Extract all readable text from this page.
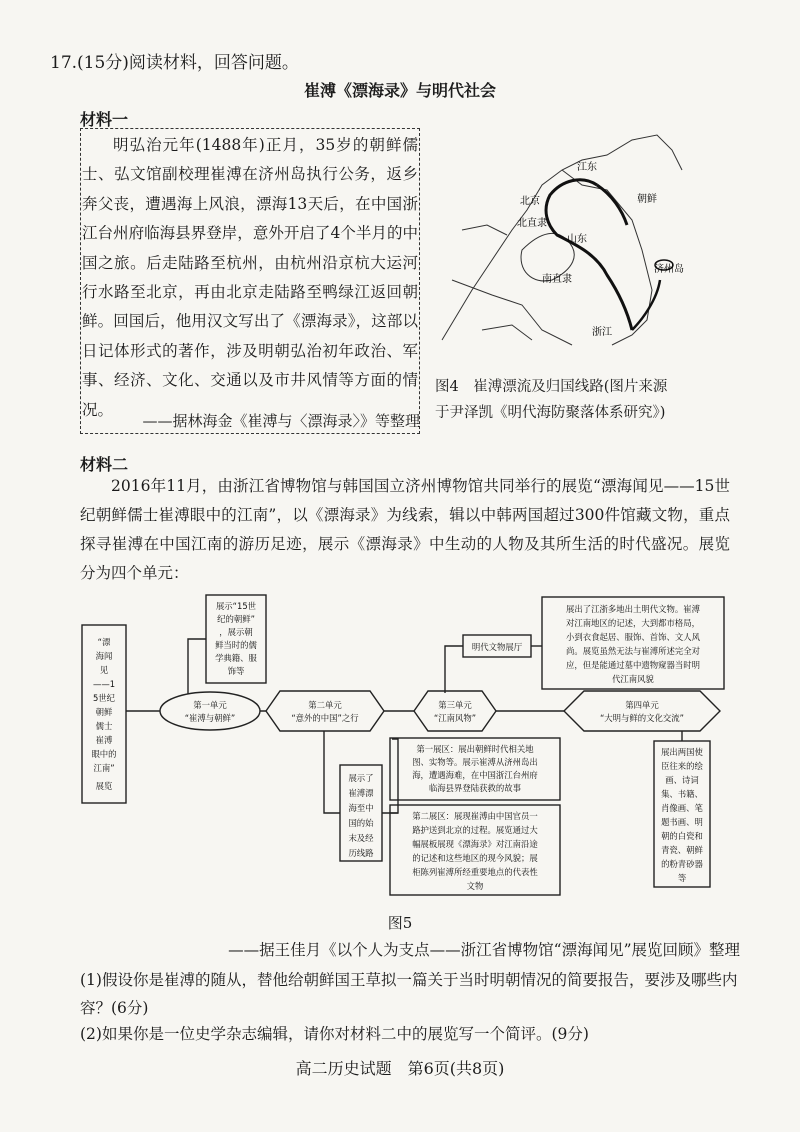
17.(15分)阅读材料，回答问题。
崔溥《漂海录》与明代社会
材料一
明弘治元年(1488年)正月，35岁的朝鲜儒士、弘文馆副校理崔溥在济州岛执行公务，返乡奔父丧，遭遇海上风浪，漂海13天后，在中国浙江台州府临海县界登岸，意外开启了4个半月的中国之旅。后走陆路至杭州，由杭州沿京杭大运河行水路至北京，再由北京走陆路至鸭绿江返回朝鲜。回国后，他用汉文写出了《漂海录》，这部以日记体形式的著作，涉及明朝弘治初年政治、军事、经济、文化、交通以及市井风情等方面的情况。
——据林海金《崔溥与〈漂海录〉》等整理
江东
北京	朝鲜
北直隶
山东
南直隶
济州岛
浙江
图4　崔溥漂流及归国线路(图片来源
于尹泽凯《明代海防聚落体系研究》)
材料二
2016年11月，由浙江省博物馆与韩国国立济州博物馆共同举行的展览“漂海闻见——15世纪朝鲜儒士崔溥眼中的江南”，以《漂海录》为线索，辑以中韩两国超过300件馆藏文物，重点探寻崔溥在中国江南的游历足迹，展示《漂海录》中生动的人物及其所生活的时代盛况。展览分为四个单元：
“漂
海闻
见
——1
5世纪
朝鲜
儒士
崔溥
眼中的
江南”
展览
第一单元
“崔溥与朝鲜”
第二单元
“意外的中国”之行
第三单元
“江南风物”
第四单元
“大明与鲜的文化交流”
展示“15世
纪的朝鲜”
，展示朝
鲜当时的儒
学典籍、服
饰等
明代文物展厅
展出了江浙多地出土明代文物。崔溥
对江南地区的记述，大到都市格局，
小到衣食起居、服饰、首饰、文人风
尚。展览虽然无法与崔溥所述完全对
应，但是能通过墓中遗物窥器当时明
代江南风貌
展示了
崔溥漂
海至中
国的始
末及经
历线路
第一展区：展出朝鲜时代相关地
图、实物等。展示崔溥从济州岛出
海，遭遇海难，在中国浙江台州府
临海县界登陆获救的故事
第二展区：展现崔溥由中国官员一
路护送到北京的过程。展览通过大
幅展板展现《漂海录》对江南沿途
的记述和这些地区的现今风貌；展
柜陈列崔溥所经重要地点的代表性
文物
展出两国使
臣往来的绘
画、诗词
集、书籍、
肖像画、笔
题书画、明
朝的白瓷和
青瓷、朝鲜
的粉青砂器
等
图5
——据王佳月《以个人为支点——浙江省博物馆“漂海闻见”展览回顾》整理
(1)假设你是崔溥的随从，替他给朝鲜国王草拟一篇关于当时明朝情况的简要报告，要涉及哪些内容？(6分)
(2)如果你是一位史学杂志编辑，请你对材料二中的展览写一个简评。(9分)
高二历史试题　第6页(共8页)
